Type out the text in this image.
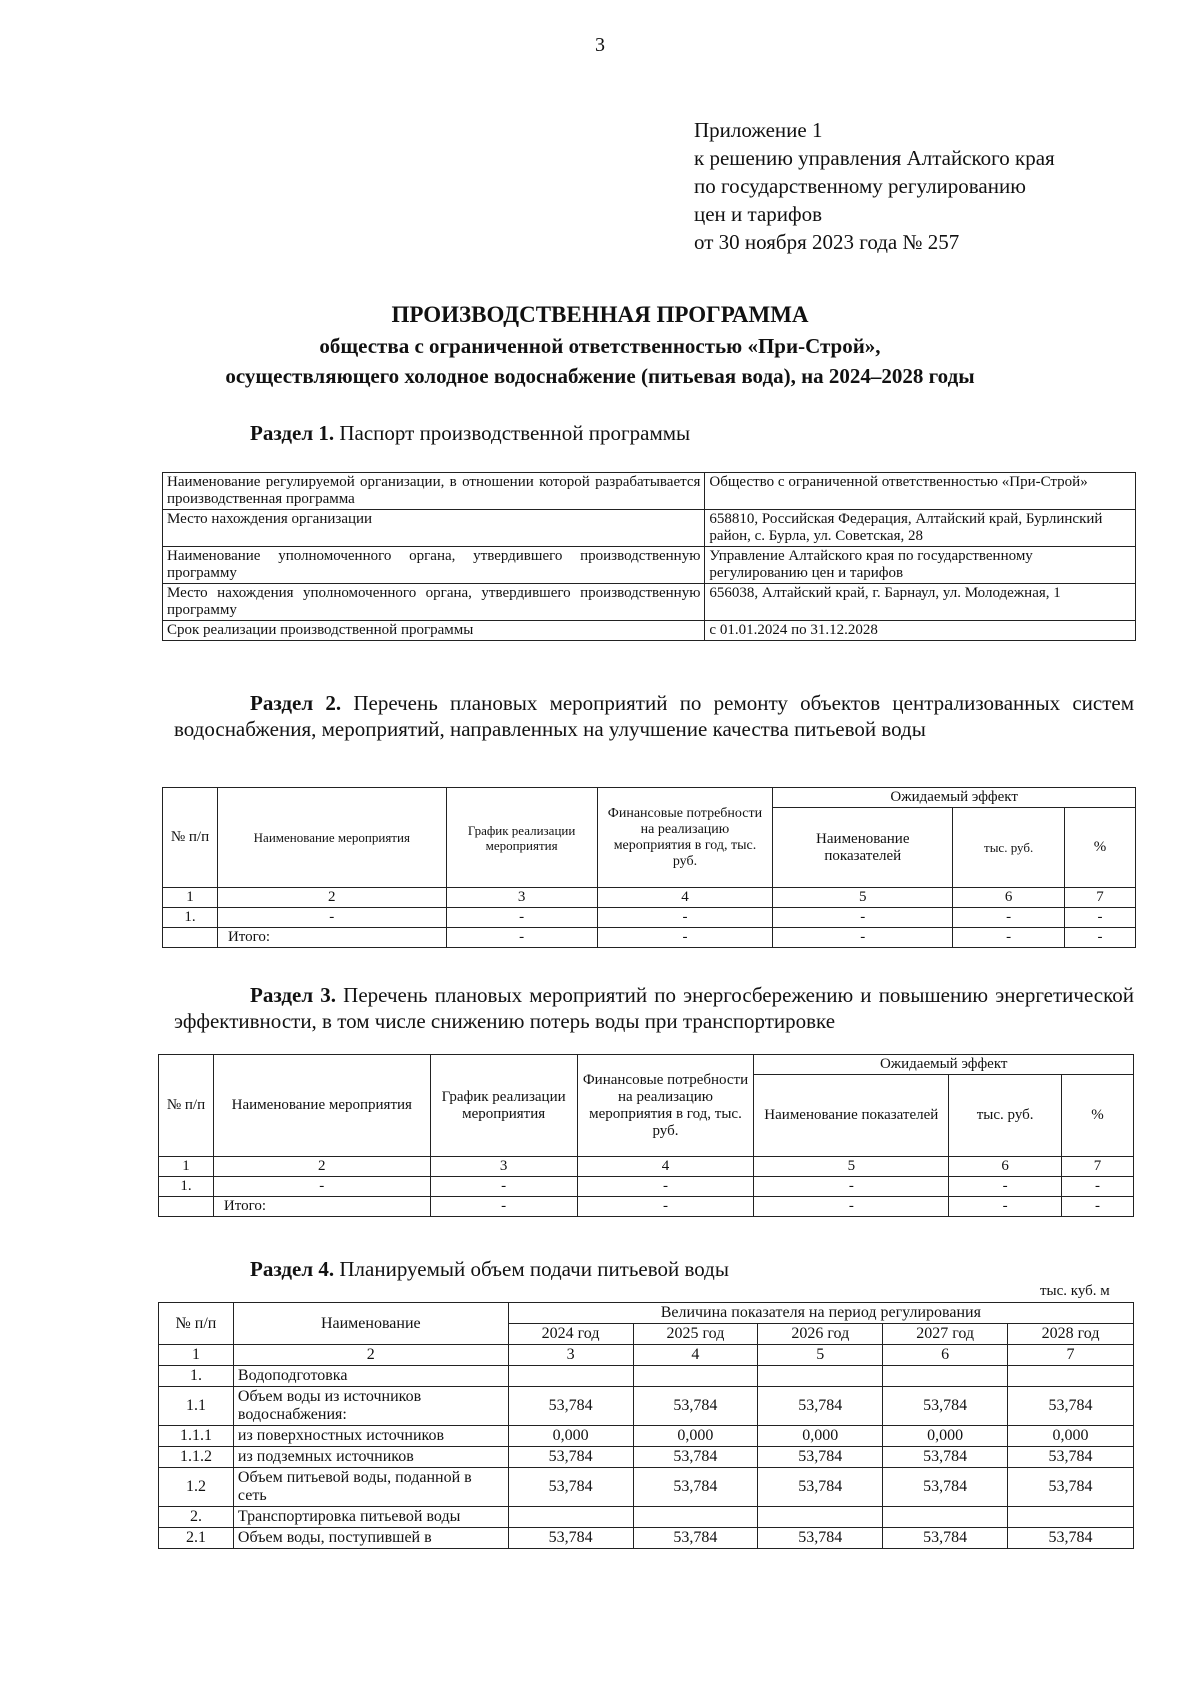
3
Приложение 1
к решению управления Алтайского края
по государственному регулированию
цен и тарифов
от 30 ноября 2023 года № 257
ПРОИЗВОДСТВЕННАЯ ПРОГРАММА
общества с ограниченной ответственностью «При-Строй»,
осуществляющего холодное водоснабжение (питьевая вода), на 2024–2028 годы
Раздел 1. Паспорт производственной программы
Наименование регулируемой организации, в отношении которой разрабатывается производственная программа	Общество с ограниченной ответственностью «При-Строй»
Место нахождения организации	658810, Российская Федерация, Алтайский край, Бурлинский район, с. Бурла, ул. Советская, 28
Наименование уполномоченного органа, утвердившего производственную программу	Управление Алтайского края по государственному регулированию цен и тарифов
Место нахождения уполномоченного органа, утвердившего производственную программу	656038, Алтайский край, г. Барнаул, ул. Молодежная, 1
Срок реализации производственной программы	с 01.01.2024 по 31.12.2028
Раздел 2. Перечень плановых мероприятий по ремонту объектов централизованных систем водоснабжения, мероприятий, направленных на улучшение качества питьевой воды
№ п/п	Наименование мероприятия	График реализации мероприятия	Финансовые потребности на реализацию мероприятия в год, тыс. руб.	Ожидаемый эффект		
				Наименование показателей	тыс. руб.	%
1	2	3	4	5	6	7
1.	-	-	-	-	-	-
	Итого:	-	-	-	-	-
Раздел 3. Перечень плановых мероприятий по энергосбережению и повышению энергетической эффективности, в том числе снижению потерь воды при транспортировке
№ п/п	Наименование мероприятия	График реализации мероприятия	Финансовые потребности на реализацию мероприятия в год, тыс. руб.	Ожидаемый эффект		
				Наименование показателей	тыс. руб.	%
1	2	3	4	5	6	7
1.	-	-	-	-	-	-
	Итого:	-	-	-	-	-
Раздел 4. Планируемый объем подачи питьевой воды
тыс. куб. м
№ п/п	Наименование	Величина показателя на период регулирования				
		2024 год	2025 год	2026 год	2027 год	2028 год
1	2	3	4	5	6	7
1.	Водоподготовка					
1.1	Объем воды из источников водоснабжения:	53,784	53,784	53,784	53,784	53,784
1.1.1	из поверхностных источников	0,000	0,000	0,000	0,000	0,000
1.1.2	из подземных источников	53,784	53,784	53,784	53,784	53,784
1.2	Объем питьевой воды, поданной в сеть	53,784	53,784	53,784	53,784	53,784
2.	Транспортировка питьевой воды					
2.1	Объем воды, поступившей в	53,784	53,784	53,784	53,784	53,784
